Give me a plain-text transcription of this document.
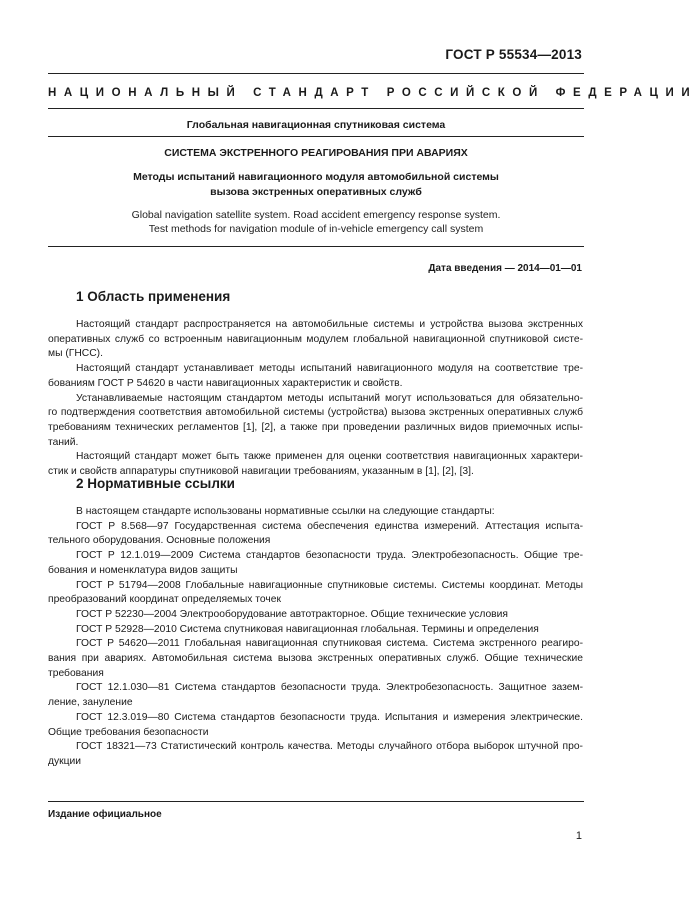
ГОСТ Р 55534—2013
НАЦИОНАЛЬНЫЙ СТАНДАРТ РОССИЙСКОЙ ФЕДЕРАЦИИ
Глобальная навигационная спутниковая система
СИСТЕМА ЭКСТРЕННОГО РЕАГИРОВАНИЯ ПРИ АВАРИЯХ
Методы испытаний навигационного модуля автомобильной системы
вызова экстренных оперативных служб
Global navigation satellite system. Road accident emergency response system.
Test methods for navigation module of in-vehicle emergency call system
Дата введения — 2014—01—01
1 Область применения
Настоящий стандарт распространяется на автомобильные системы и устройства вызова экстренных
оперативных служб со встроенным навигационным модулем глобальной навигационной спутниковой систе-
мы (ГНСС).
Настоящий стандарт устанавливает методы испытаний навигационного модуля на соответствие тре-
бованиям ГОСТ Р 54620 в части навигационных характеристик и свойств.
Устанавливаемые настоящим стандартом методы испытаний могут использоваться для обязательно-
го подтверждения соответствия автомобильной системы (устройства) вызова экстренных оперативных служб
требованиям технических регламентов [1], [2], а также при проведении различных видов приемочных испы-
таний.
Настоящий стандарт может быть также применен для оценки соответствия навигационных характери-
стик и свойств аппаратуры спутниковой навигации требованиям, указанным в [1], [2], [3].
2 Нормативные ссылки
В настоящем стандарте использованы нормативные ссылки на следующие стандарты:
ГОСТ Р 8.568—97 Государственная система обеспечения единства измерений. Аттестация испыта-
тельного оборудования. Основные положения
ГОСТ Р 12.1.019—2009 Система стандартов безопасности труда. Электробезопасность. Общие тре-
бования и номенклатура видов защиты
ГОСТ Р 51794—2008 Глобальные навигационные спутниковые системы. Системы координат. Методы
преобразований координат определяемых точек
ГОСТ Р 52230—2004 Электрооборудование автотракторное. Общие технические условия
ГОСТ Р 52928—2010 Система спутниковая навигационная глобальная. Термины и определения
ГОСТ Р 54620—2011 Глобальная навигационная спутниковая система. Система экстренного реагиро-
вания при авариях. Автомобильная система вызова экстренных оперативных служб. Общие технические
требования
ГОСТ 12.1.030—81 Система стандартов безопасности труда. Электробезопасность. Защитное зазем-
ление, зануление
ГОСТ 12.3.019—80 Система стандартов безопасности труда. Испытания и измерения электрические.
Общие требования безопасности
ГОСТ 18321—73 Статистический контроль качества. Методы случайного отбора выборок штучной про-
дукции
Издание официальное
1
